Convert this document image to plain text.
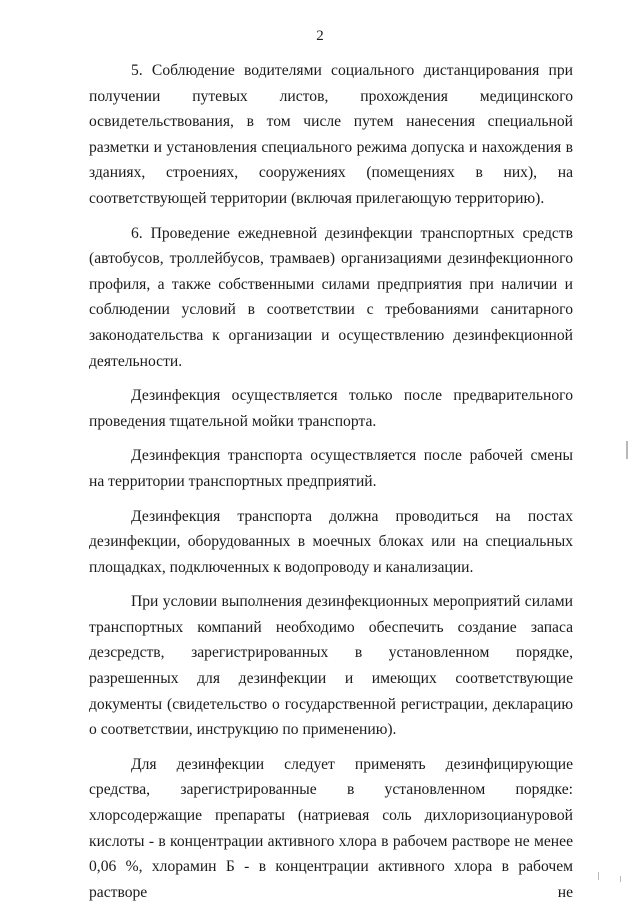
2

5. Соблюдение водителями социального дистанцирования при получении путевых листов, прохождения медицинского освидетельствования, в том числе путем нанесения специальной разметки и установления специального режима допуска и нахождения в зданиях, строениях, сооружениях (помещениях в них), на соответствующей территории (включая прилегающую территорию).

6. Проведение ежедневной дезинфекции транспортных средств (автобусов, троллейбусов, трамваев) организациями дезинфекционного профиля, а также собственными силами предприятия при наличии и соблюдении условий в соответствии с требованиями санитарного законодательства к организации и осуществлению дезинфекционной деятельности.

Дезинфекция осуществляется только после предварительного проведения тщательной мойки транспорта.

Дезинфекция транспорта осуществляется после рабочей смены на территории транспортных предприятий.

Дезинфекция транспорта должна проводиться на постах дезинфекции, оборудованных в моечных блоках или на специальных площадках, подключенных к водопроводу и канализации.

При условии выполнения дезинфекционных мероприятий силами транспортных компаний необходимо обеспечить создание запаса дезсредств, зарегистрированных в установленном порядке, разрешенных для дезинфекции и имеющих соответствующие документы (свидетельство о государственной регистрации, декларацию о соответствии, инструкцию по применению).

Для дезинфекции следует применять дезинфицирующие средства, зарегистрированные в установленном порядке: хлорсодержащие препараты (натриевая соль дихлоризоциануровой кислоты - в концентрации активного хлора в рабочем растворе не менее 0,06 %, хлорамин Б - в концентрации активного хлора в рабочем растворе не
